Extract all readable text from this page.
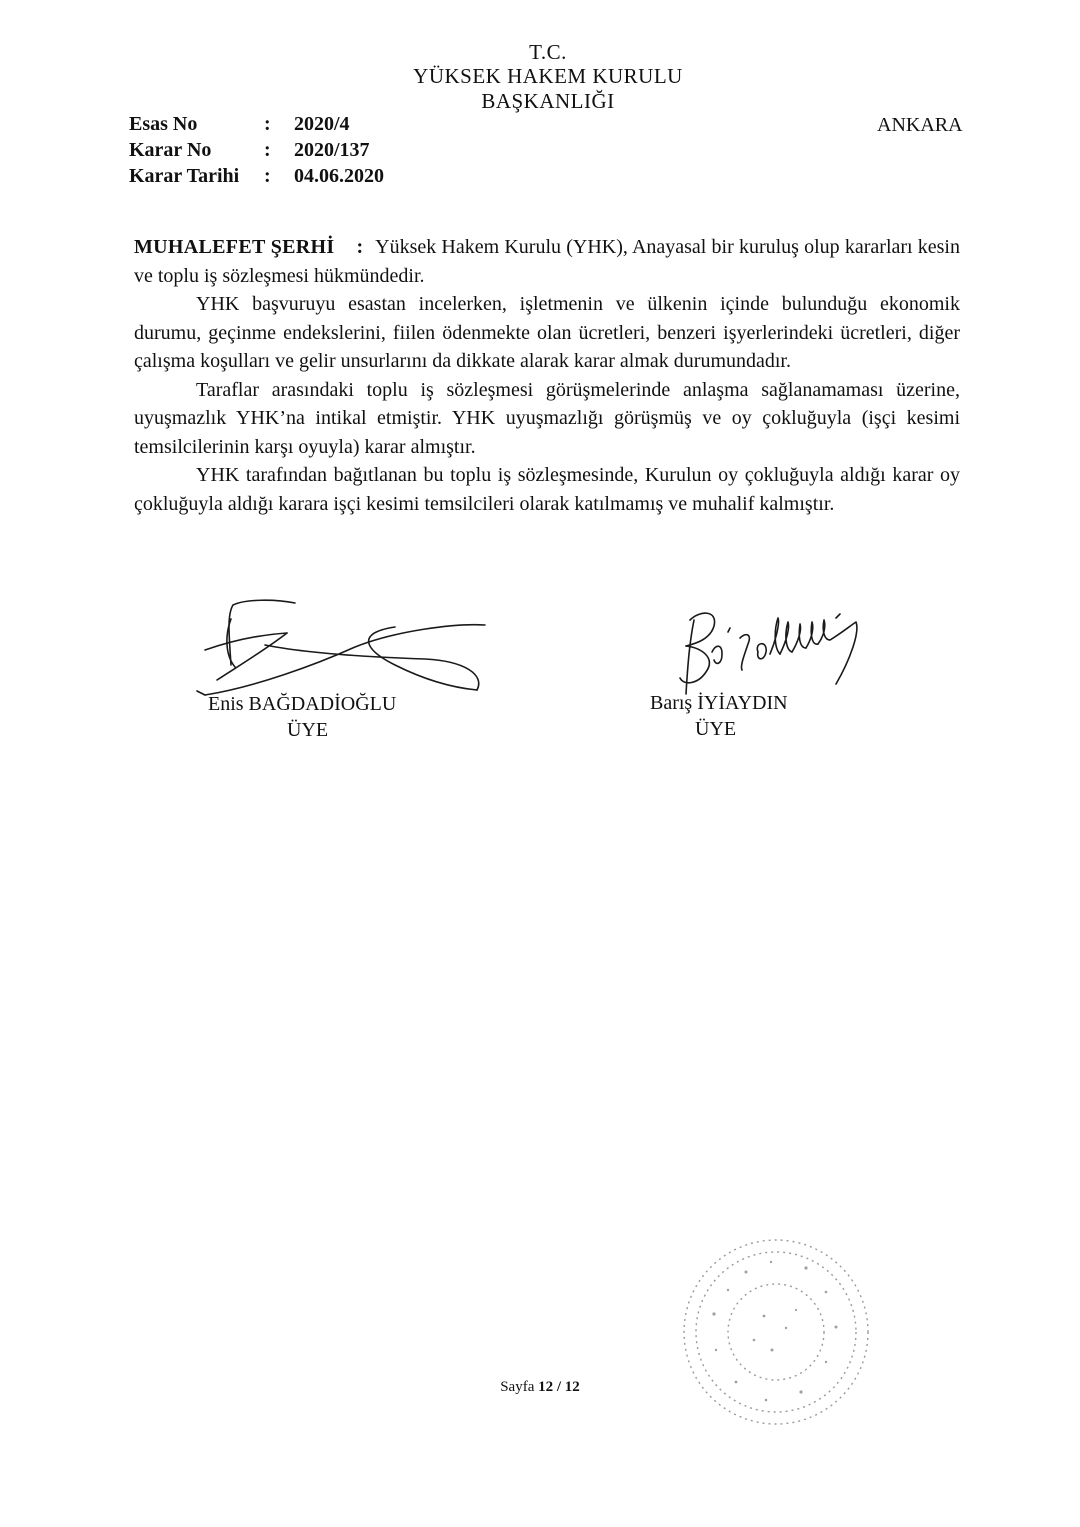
T.C.
YÜKSEK HAKEM KURULU
BAŞKANLIĞI
Esas No	: 2020/4
Karar No	: 2020/137
Karar Tarihi : 04.06.2020
ANKARA

MUHALEFET ŞERHİ : Yüksek Hakem Kurulu (YHK), Anayasal bir kuruluş olup kararları kesin ve toplu iş sözleşmesi hükmündedir.

YHK başvuruyu esastan incelerken, işletmenin ve ülkenin içinde bulunduğu ekonomik durumu, geçinme endekslerini, fiilen ödenmekte olan ücretleri, benzeri işyerlerindeki ücretleri, diğer çalışma koşulları ve gelir unsurlarını da dikkate alarak karar almak durumundadır.

Taraflar arasındaki toplu iş sözleşmesi görüşmelerinde anlaşma sağlanamaması üzerine, uyuşmazlık YHK’na intikal etmiştir. YHK uyuşmazlığı görüşmüş ve oy çokluğuyla (işçi kesimi temsilcilerinin karşı oyuyla) karar almıştır.

YHK tarafından bağıtlanan bu toplu iş sözleşmesinde, Kurulun oy çokluğuyla aldığı karar oy çokluğuyla aldığı karara işçi kesimi temsilcileri olarak katılmamış ve muhalif kalmıştır.

Enis BAĞDADİOĞLU
ÜYE
Barış İYİAYDIN
ÜYE
Sayfa 12 / 12
